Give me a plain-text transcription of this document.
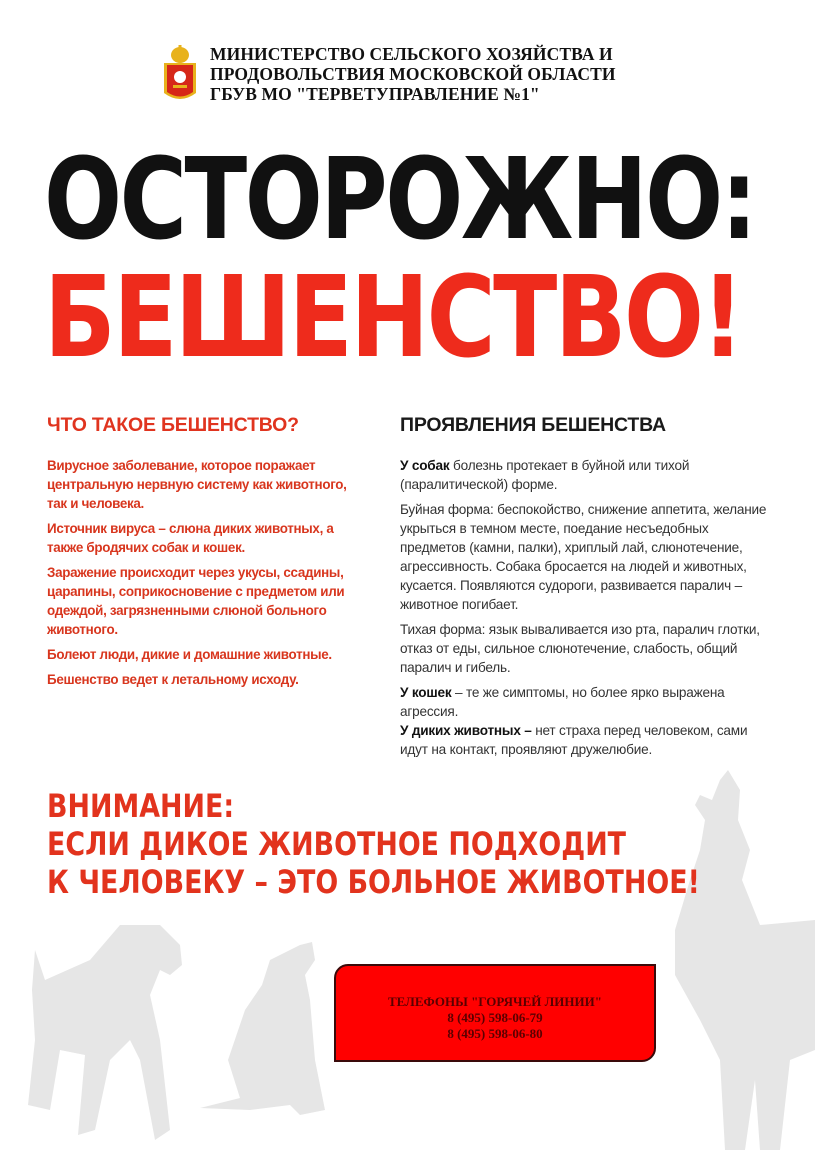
МИНИСТЕРСТВО СЕЛЬСКОГО ХОЗЯЙСТВА И
ПРОДОВОЛЬСТВИЯ МОСКОВСКОЙ ОБЛАСТИ
ГБУВ МО "ТЕРВЕТУПРАВЛЕНИЕ №1"
ОСТОРОЖНО:
БЕШЕНСТВО!
ЧТО ТАКОЕ БЕШЕНСТВО?

Вирусное заболевание, которое поражает центральную нервную систему как животного, так и человека.

Источник вируса – слюна диких животных, а также бродячих собак и кошек.

Заражение происходит через укусы, ссадины, царапины, соприкосновение с предметом или одеждой, загрязненными слюной больного животного.

Болеют люди, дикие и домашние животные.

Бешенство ведет к летальному исходу.

ПРОЯВЛЕНИЯ БЕШЕНСТВА

У собак болезнь протекает в буйной или тихой (паралитической) форме.

Буйная форма: беспокойство, снижение аппетита, желание укрыться в темном месте, поедание несъедобных предметов (камни, палки), хриплый лай, слюнотечение, агрессивность. Собака бросается на людей и животных, кусается. Появляются судороги, развивается паралич – животное погибает.

Тихая форма: язык вываливается изо рта, паралич глотки, отказ от еды, сильное слюнотечение, слабость, общий паралич и гибель.

У кошек – те же симптомы, но более ярко выражена агрессия.

У диких животных – нет страха перед человеком, сами идут на контакт, проявляют дружелюбие.

ВНИМАНИЕ:
ЕСЛИ ДИКОЕ ЖИВОТНОЕ ПОДХОДИТ
К ЧЕЛОВЕКУ – ЭТО БОЛЬНОЕ ЖИВОТНОЕ!
ТЕЛЕФОНЫ "ГОРЯЧЕЙ ЛИНИИ"
8 (495) 598-06-79
8 (495) 598-06-80
